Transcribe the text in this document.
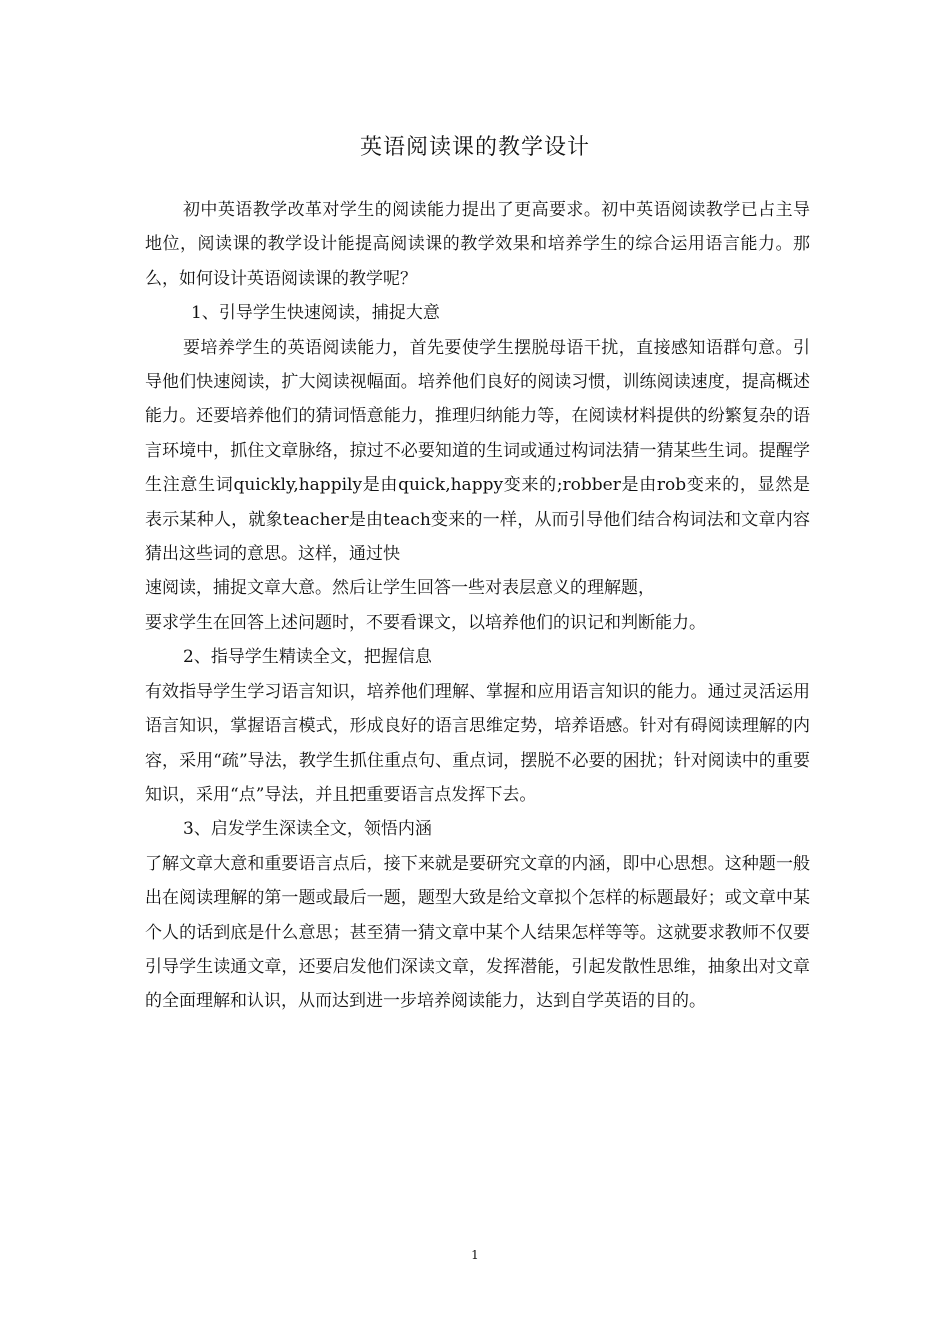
英语阅读课的教学设计

初中英语教学改革对学生的阅读能力提出了更高要求。初中英语阅读教学已占主导地位，阅读课的教学设计能提高阅读课的教学效果和培养学生的综合运用语言能力。那么，如何设计英语阅读课的教学呢？

1、引导学生快速阅读，捕捉大意

要培养学生的英语阅读能力，首先要使学生摆脱母语干扰，直接感知语群句意。引导他们快速阅读，扩大阅读视幅面。培养他们良好的阅读习惯，训练阅读速度，提高概述能力。还要培养他们的猜词悟意能力，推理归纳能力等，在阅读材料提供的纷繁复杂的语言环境中，抓住文章脉络，掠过不必要知道的生词或通过构词法猜一猜某些生词。提醒学生注意生词quickly,happily是由quick,happy变来的;robber是由rob变来的，显然是表示某种人，就象teacher是由teach变来的一样，从而引导他们结合构词法和文章内容猜出这些词的意思。这样，通过快

速阅读，捕捉文章大意。然后让学生回答一些对表层意义的理解题，

要求学生在回答上述问题时，不要看课文，以培养他们的识记和判断能力。

2、指导学生精读全文，把握信息

有效指导学生学习语言知识，培养他们理解、掌握和应用语言知识的能力。通过灵活运用语言知识，掌握语言模式，形成良好的语言思维定势，培养语感。针对有碍阅读理解的内容，采用“疏”导法，教学生抓住重点句、重点词，摆脱不必要的困扰；针对阅读中的重要知识，采用“点”导法，并且把重要语言点发挥下去。

3、启发学生深读全文，领悟内涵

了解文章大意和重要语言点后，接下来就是要研究文章的内涵，即中心思想。这种题一般出在阅读理解的第一题或最后一题，题型大致是给文章拟个怎样的标题最好；或文章中某个人的话到底是什么意思；甚至猜一猜文章中某个人结果怎样等等。这就要求教师不仅要引导学生读通文章，还要启发他们深读文章，发挥潜能，引起发散性思维，抽象出对文章的全面理解和认识，从而达到进一步培养阅读能力，达到自学英语的目的。

1
